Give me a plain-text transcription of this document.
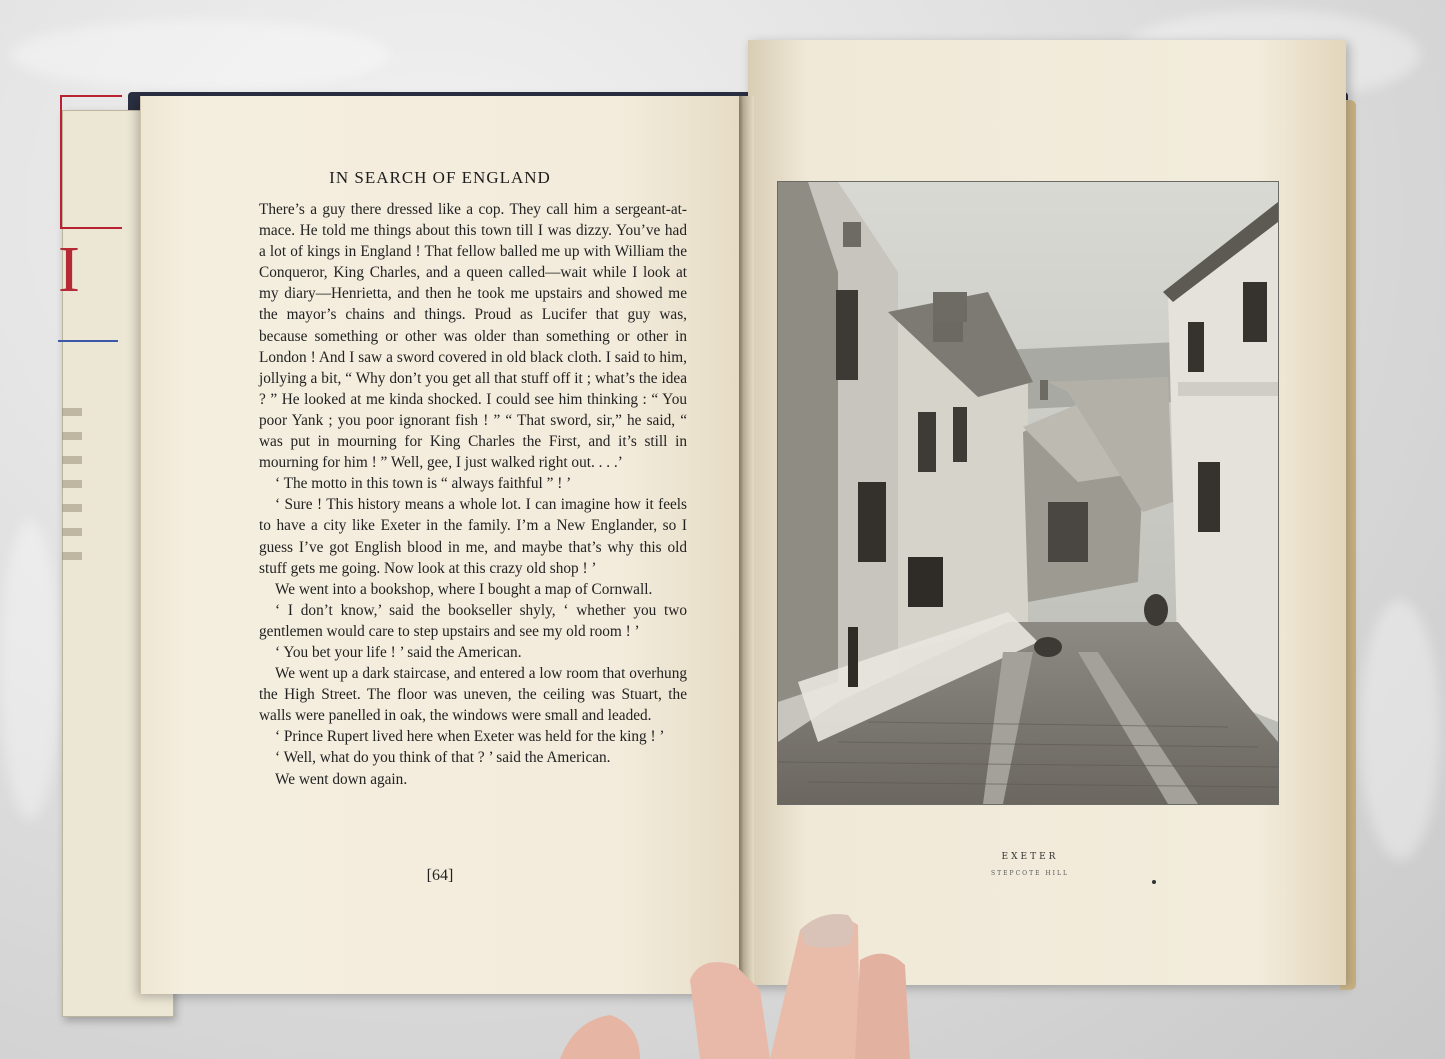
I
EXETER
STEPCOTE HILL
IN SEARCH OF ENGLAND

There’s a guy there dressed like a cop. They call him a sergeant-at-mace. He told me things about this town till I was dizzy. You’ve had a lot of kings in England ! That fellow balled me up with William the Conqueror, King Charles, and a queen called—wait while I look at my diary—Henrietta, and then he took me upstairs and showed me the mayor’s chains and things. Proud as Lucifer that guy was, because something or other was older than something or other in London ! And I saw a sword covered in old black cloth. I said to him, jollying a bit, “ Why don’t you get all that stuff off it ; what’s the idea ? ” He looked at me kinda shocked. I could see him thinking : “ You poor Yank ; you poor ignorant fish ! ” “ That sword, sir,” he said, “ was put in mourning for King Charles the First, and it’s still in mourning for him ! ” Well, gee, I just walked right out. . . .’

‘ The motto in this town is “ always faithful ” ! ’

‘ Sure ! This history means a whole lot. I can imagine how it feels to have a city like Exeter in the family. I’m a New Englander, so I guess I’ve got English blood in me, and maybe that’s why this old stuff gets me going. Now look at this crazy old shop ! ’

We went into a bookshop, where I bought a map of Cornwall.

‘ I don’t know,’ said the bookseller shyly, ‘ whether you two gentlemen would care to step upstairs and see my old room ! ’

‘ You bet your life ! ’ said the American.

We went up a dark staircase, and entered a low room that overhung the High Street. The floor was uneven, the ceiling was Stuart, the walls were panelled in oak, the windows were small and leaded.

‘ Prince Rupert lived here when Exeter was held for the king ! ’

‘ Well, what do you think of that ? ’ said the American.

We went down again.

[64]
